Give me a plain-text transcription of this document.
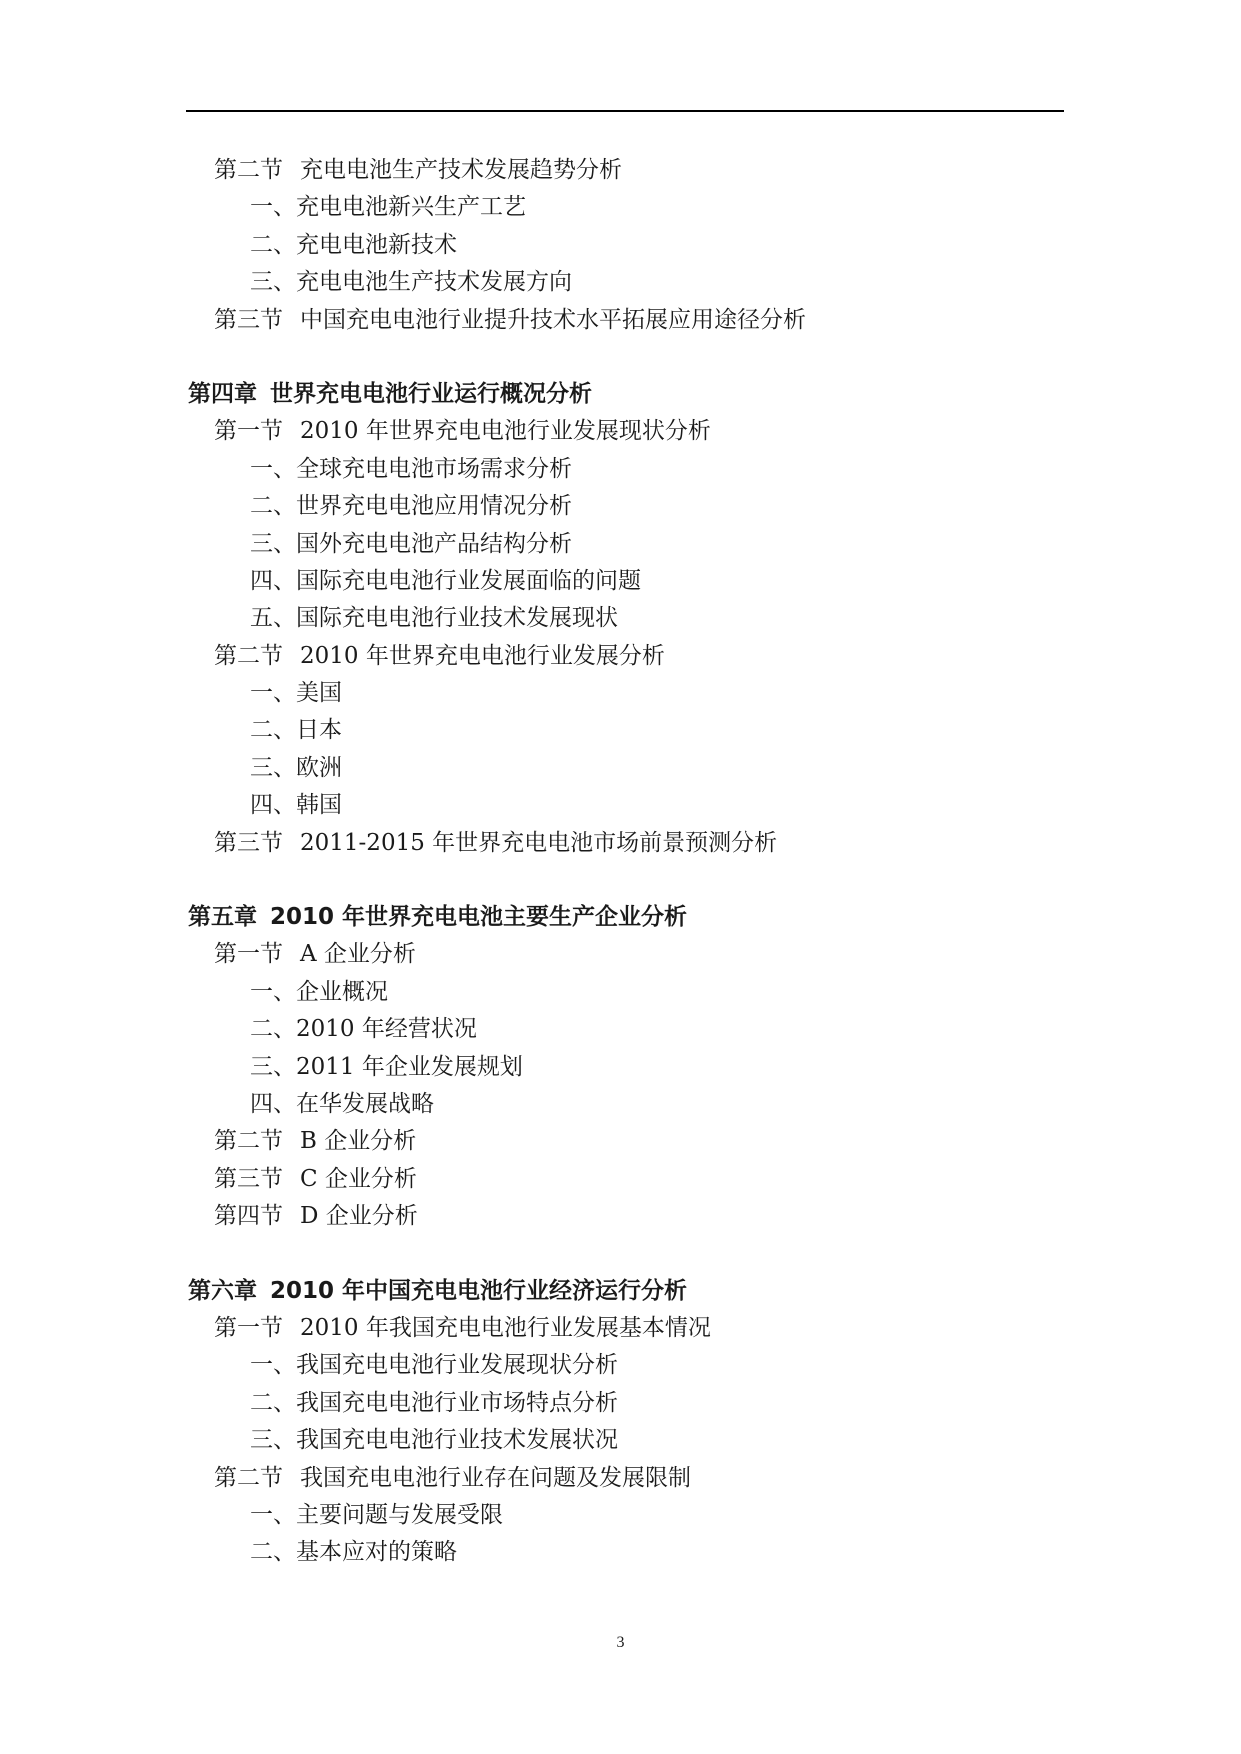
第二节 充电电池生产技术发展趋势分析
一、充电电池新兴生产工艺
二、充电电池新技术
三、充电电池生产技术发展方向
第三节 中国充电电池行业提升技术水平拓展应用途径分析
第四章 世界充电电池行业运行概况分析
第一节 2010 年世界充电电池行业发展现状分析
一、全球充电电池市场需求分析
二、世界充电电池应用情况分析
三、国外充电电池产品结构分析
四、国际充电电池行业发展面临的问题
五、国际充电电池行业技术发展现状
第二节 2010 年世界充电电池行业发展分析
一、美国
二、日本
三、欧洲
四、韩国
第三节 2011-2015 年世界充电电池市场前景预测分析
第五章 2010 年世界充电电池主要生产企业分析
第一节 A 企业分析
一、企业概况
二、2010 年经营状况
三、2011 年企业发展规划
四、在华发展战略
第二节 B 企业分析
第三节 C 企业分析
第四节 D 企业分析
第六章 2010 年中国充电电池行业经济运行分析
第一节 2010 年我国充电电池行业发展基本情况
一、我国充电电池行业发展现状分析
二、我国充电电池行业市场特点分析
三、我国充电电池行业技术发展状况
第二节 我国充电电池行业存在问题及发展限制
一、主要问题与发展受限
二、基本应对的策略
3
